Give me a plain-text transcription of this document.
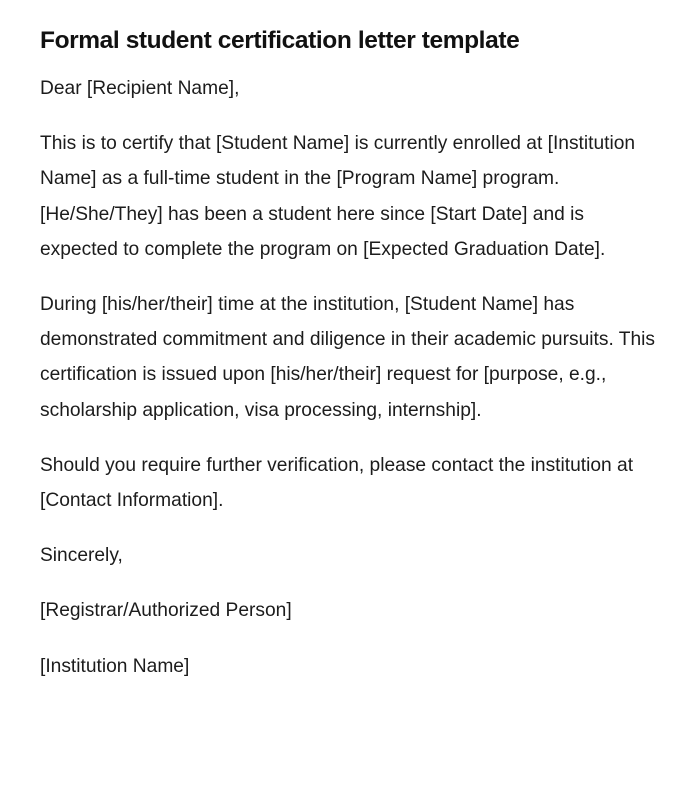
Formal student certification letter template

Dear [Recipient Name],

This is to certify that [Student Name] is currently enrolled at [Institution Name] as a full-time student in the [Program Name] program. [He/She/They] has been a student here since [Start Date] and is expected to complete the program on [Expected Graduation Date].

During [his/her/their] time at the institution, [Student Name] has demonstrated commitment and diligence in their academic pursuits. This certification is issued upon [his/her/their] request for [purpose, e.g., scholarship application, visa processing, internship].

Should you require further verification, please contact the institution at [Contact Information].

Sincerely,

[Registrar/Authorized Person]

[Institution Name]
